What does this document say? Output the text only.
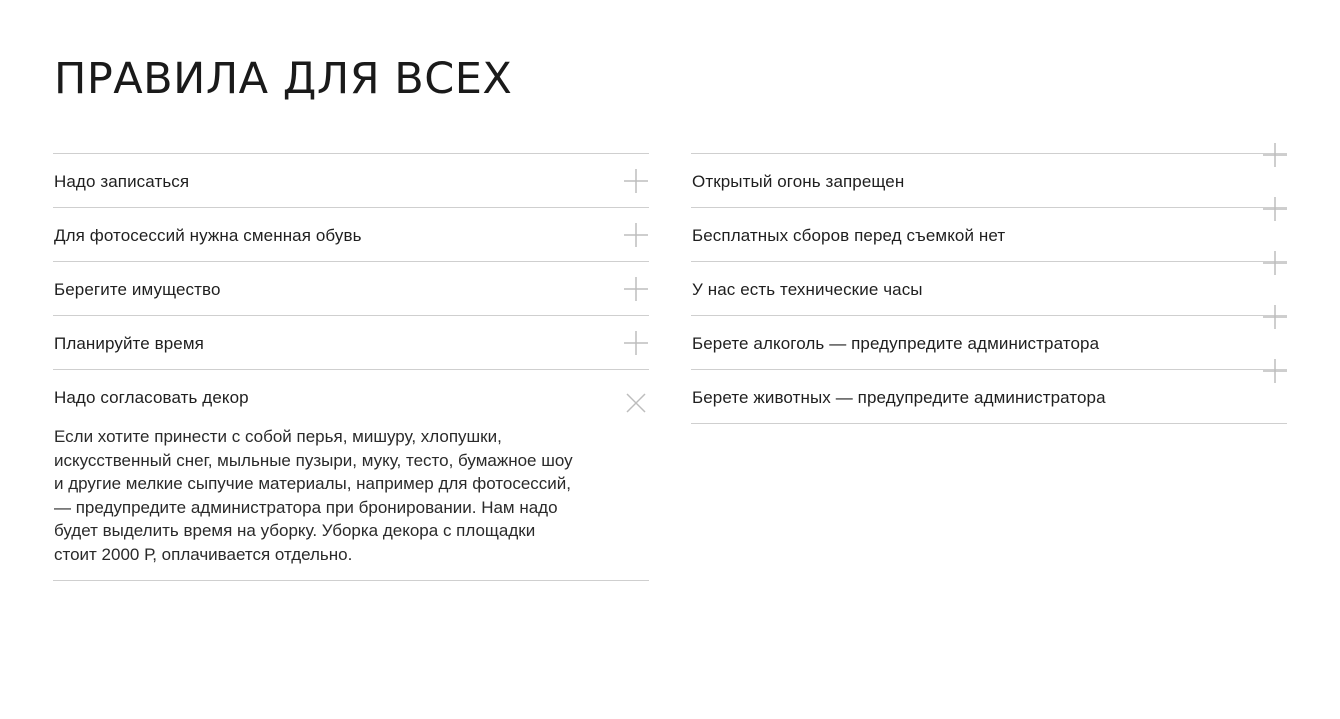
ПРАВИЛА ДЛЯ ВСЕХ
Надо записаться
Для фотосессий нужна сменная обувь
Берегите имущество
Планируйте время
Надо согласовать декор
Если хотите принести с собой перья, мишуру, хлопушки, искусственный снег, мыльные пузыри, муку, тесто, бумажное шоу и другие мелкие сыпучие материалы, например для фотосессий, — предупредите администратора при бронировании. Нам надо будет выделить время на уборку. Уборка декора с площадки стоит 2000 Р, оплачивается отдельно.
Открытый огонь запрещен
Бесплатных сборов перед съемкой нет
У нас есть технические часы
Берете алкоголь — предупредите администратора
Берете животных — предупредите администратора
